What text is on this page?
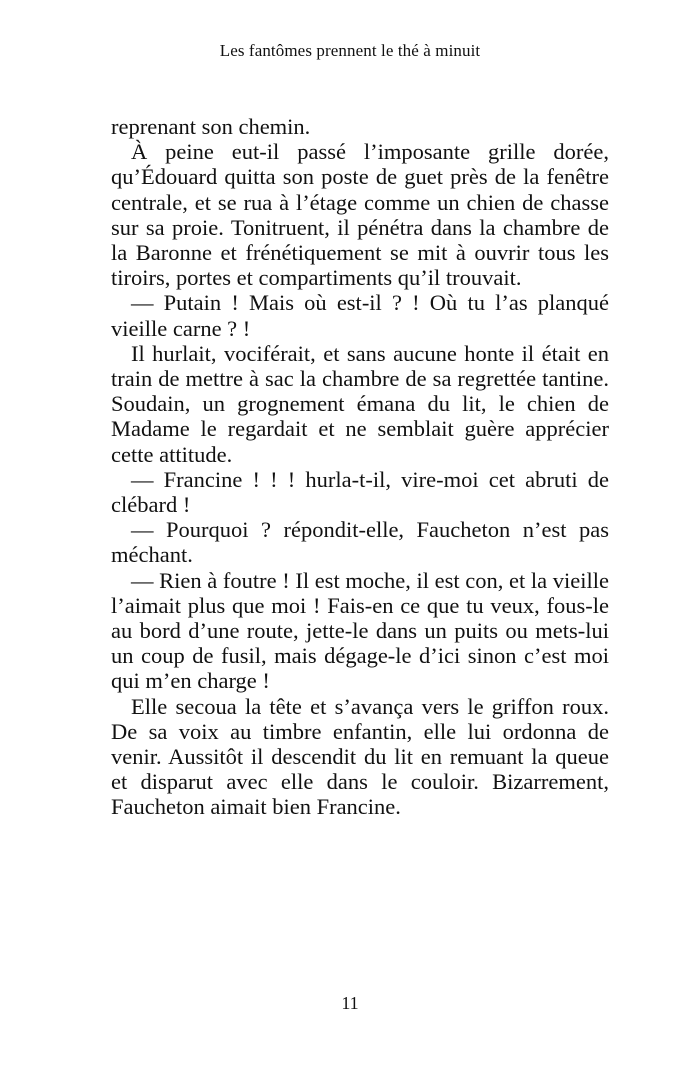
Les fantômes prennent le thé à minuit

reprenant son chemin.

À peine eut-il passé l’imposante grille dorée, qu’Édouard quitta son poste de guet près de la fenêtre centrale, et se rua à l’étage comme un chien de chasse sur sa proie. Tonitruent, il pénétra dans la chambre de la Baronne et frénétiquement se mit à ouvrir tous les tiroirs, portes et compartiments qu’il trouvait.

— Putain ! Mais où est-il ? ! Où tu l’as planqué vieille carne ? !

Il hurlait, vociférait, et sans aucune honte il était en train de mettre à sac la chambre de sa regrettée tantine. Soudain, un grognement émana du lit, le chien de Madame le regardait et ne semblait guère apprécier cette attitude.

— Francine ! ! ! hurla-t-il, vire-moi cet abruti de clébard !

— Pourquoi ? répondit-elle, Faucheton n’est pas méchant.

— Rien à foutre ! Il est moche, il est con, et la vieille l’aimait plus que moi ! Fais-en ce que tu veux, fous-le au bord d’une route, jette-le dans un puits ou mets-lui un coup de fusil, mais dégage-le d’ici sinon c’est moi qui m’en charge !

Elle secoua la tête et s’avança vers le griffon roux. De sa voix au timbre enfantin, elle lui ordonna de venir. Aussitôt il descendit du lit en remuant la queue et disparut avec elle dans le couloir. Bizarrement, Faucheton aimait bien Francine.

11
